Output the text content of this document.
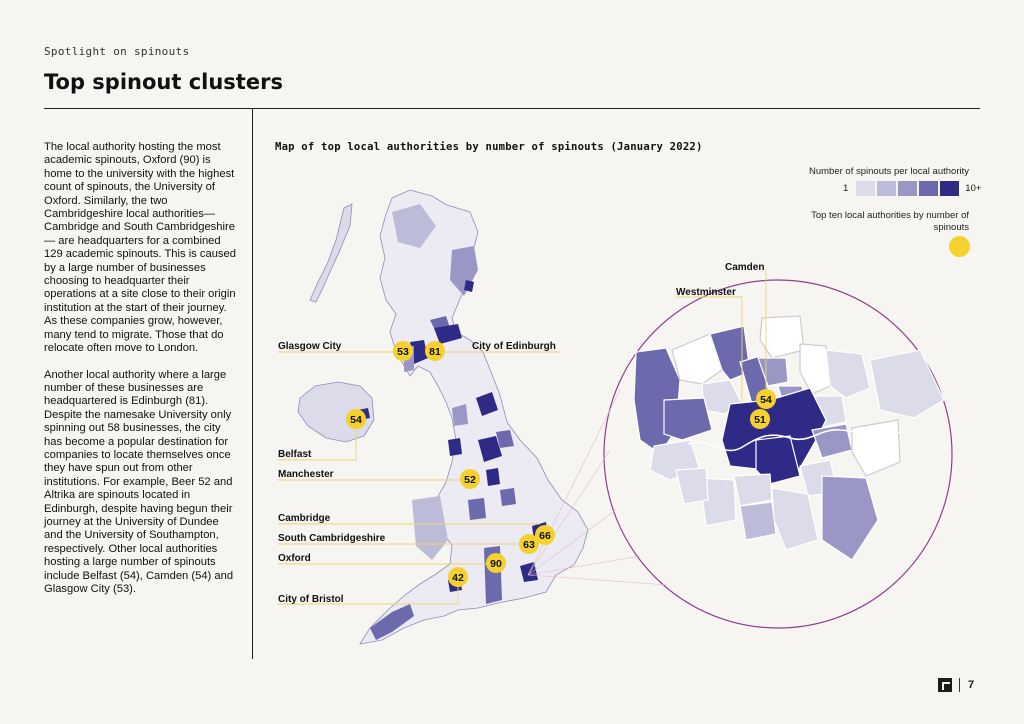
Spotlight on spinouts
Top spinout clusters

The local authority hosting the most academic spinouts, Oxford (90) is home to the university with the highest count of spinouts, the University of Oxford. Similarly, the two Cambridgeshire local authorities—Cambridge and South Cambridgeshire— are headquarters for a combined 129 academic spinouts. This is caused by a large number of businesses choosing to headquarter their operations at a site close to their origin institution at the start of their journey. As these companies grow, however, many tend to migrate. Those that do relocate often move to London.

Another local authority where a large number of these businesses are headquartered is Edinburgh (81). Despite the namesake University only spinning out 58 businesses, the city has become a popular destination for companies to locate themselves once they have spun out from other institutions. For example, Beer 52 and Altrika are spinouts located in Edinburgh, despite having begun their journey at the University of Dundee and the University of Southampton, respectively. Other local authorities hosting a large number of spinouts include Belfast (54), Camden (54) and Glasgow City (53).

Map of top local authorities by number of spinouts (January 2022)
Number of spinouts per local authority
1	10+
Top ten local authorities by number of spinouts
Glasgow City	City of Edinburgh
Belfast
Manchester
Cambridge
South Cambridgeshire
Oxford
City of Bristol
Camden
Westminster
53 81
54
52
66
63
90
42
54
51
7
